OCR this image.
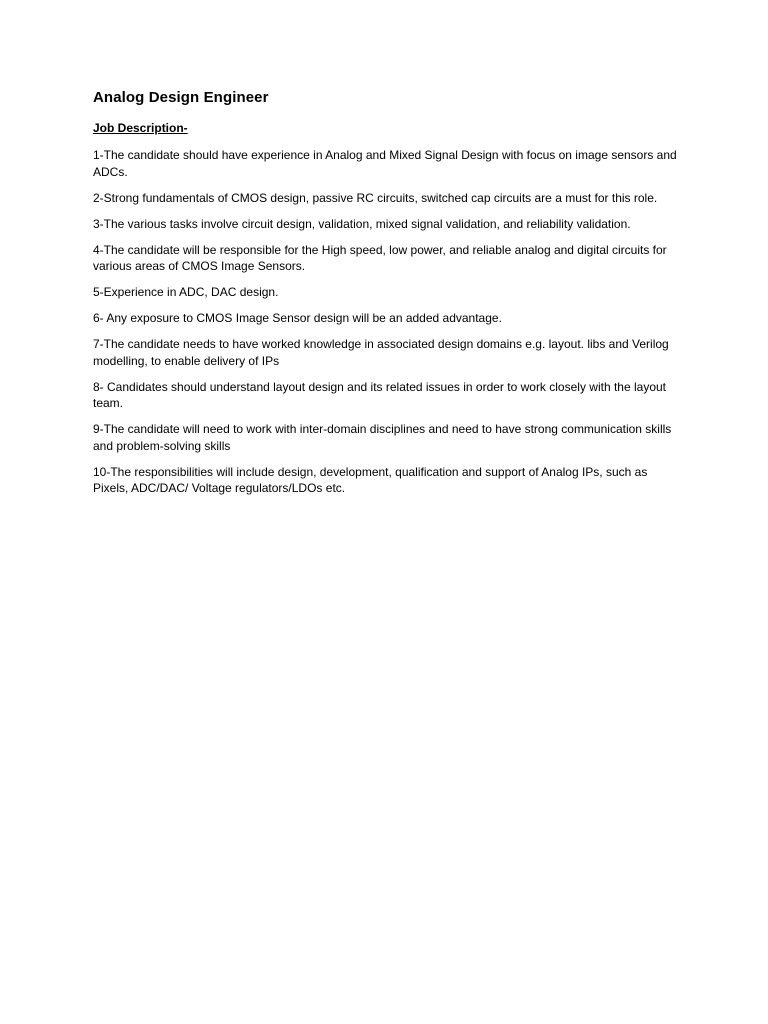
Analog Design Engineer
Job Description-

1-The candidate should have experience in Analog and Mixed Signal Design with focus on image sensors and ADCs.

2-Strong fundamentals of CMOS design, passive RC circuits, switched cap circuits are a must for this role.

3-The various tasks involve circuit design, validation, mixed signal validation, and reliability validation.

4-The candidate will be responsible for the High speed, low power, and reliable analog and digital circuits for various areas of CMOS Image Sensors.

5-Experience in ADC, DAC design.

6- Any exposure to CMOS Image Sensor design will be an added advantage.

7-The candidate needs to have worked knowledge in associated design domains e.g. layout. libs and Verilog modelling, to enable delivery of IPs

8- Candidates should understand layout design and its related issues in order to work closely with the layout team.

9-The candidate will need to work with inter-domain disciplines and need to have strong communication skills and problem-solving skills

10-The responsibilities will include design, development, qualification and support of Analog IPs, such as Pixels, ADC/DAC/ Voltage regulators/LDOs etc.
